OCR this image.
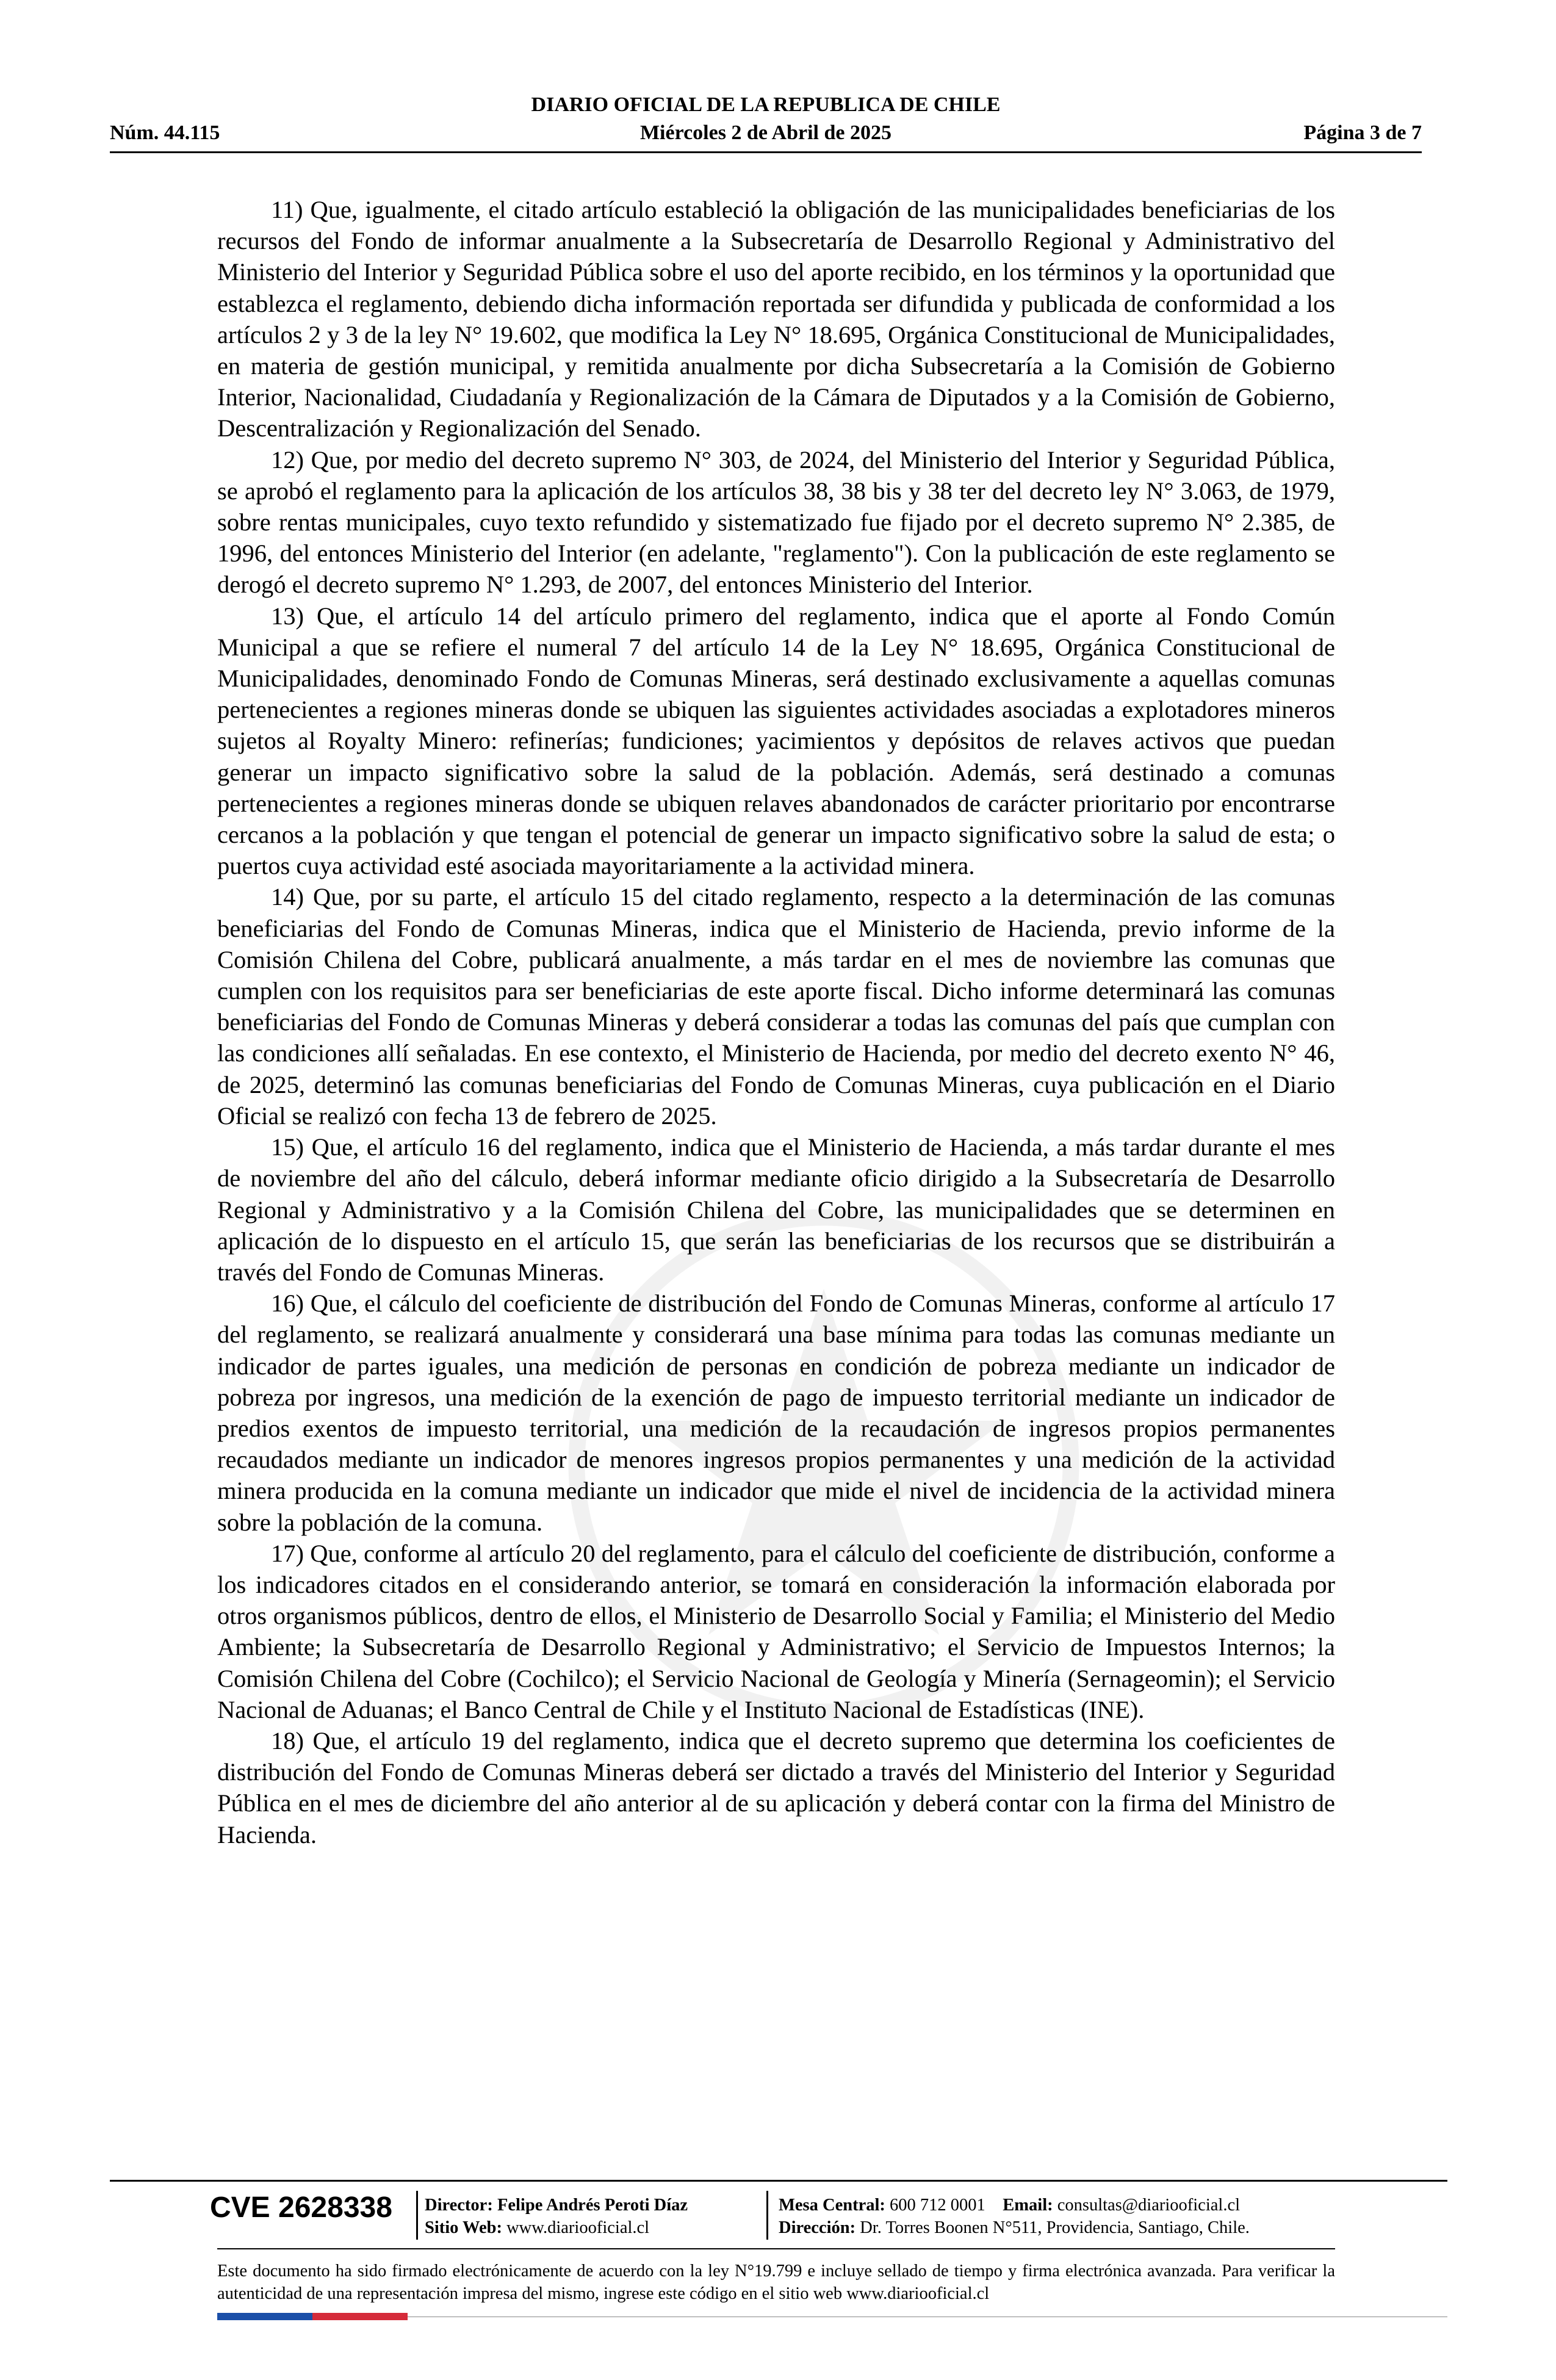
DIARIO OFICIAL DE LA REPUBLICA DE CHILE
Núm. 44.115	Miércoles 2 de Abril de 2025	Página 3 de 7

11) Que, igualmente, el citado artículo estableció la obligación de las municipalidades beneficiarias de los recursos del Fondo de informar anualmente a la Subsecretaría de Desarrollo Regional y Administrativo del Ministerio del Interior y Seguridad Pública sobre el uso del aporte recibido, en los términos y la oportunidad que establezca el reglamento, debiendo dicha información reportada ser difundida y publicada de conformidad a los artículos 2 y 3 de la ley N° 19.602, que modifica la Ley N° 18.695, Orgánica Constitucional de Municipalidades, en materia de gestión municipal, y remitida anualmente por dicha Subsecretaría a la Comisión de Gobierno Interior, Nacionalidad, Ciudadanía y Regionalización de la Cámara de Diputados y a la Comisión de Gobierno, Descentralización y Regionalización del Senado.

12) Que, por medio del decreto supremo N° 303, de 2024, del Ministerio del Interior y Seguridad Pública, se aprobó el reglamento para la aplicación de los artículos 38, 38 bis y 38 ter del decreto ley N° 3.063, de 1979, sobre rentas municipales, cuyo texto refundido y sistematizado fue fijado por el decreto supremo N° 2.385, de 1996, del entonces Ministerio del Interior (en adelante, "reglamento"). Con la publicación de este reglamento se derogó el decreto supremo N° 1.293, de 2007, del entonces Ministerio del Interior.

13) Que, el artículo 14 del artículo primero del reglamento, indica que el aporte al Fondo Común Municipal a que se refiere el numeral 7 del artículo 14 de la Ley N° 18.695, Orgánica Constitucional de Municipalidades, denominado Fondo de Comunas Mineras, será destinado exclusivamente a aquellas comunas pertenecientes a regiones mineras donde se ubiquen las siguientes actividades asociadas a explotadores mineros sujetos al Royalty Minero: refinerías; fundiciones; yacimientos y depósitos de relaves activos que puedan generar un impacto significativo sobre la salud de la población. Además, será destinado a comunas pertenecientes a regiones mineras donde se ubiquen relaves abandonados de carácter prioritario por encontrarse cercanos a la población y que tengan el potencial de generar un impacto significativo sobre la salud de esta; o puertos cuya actividad esté asociada mayoritariamente a la actividad minera.

14) Que, por su parte, el artículo 15 del citado reglamento, respecto a la determinación de las comunas beneficiarias del Fondo de Comunas Mineras, indica que el Ministerio de Hacienda, previo informe de la Comisión Chilena del Cobre, publicará anualmente, a más tardar en el mes de noviembre las comunas que cumplen con los requisitos para ser beneficiarias de este aporte fiscal. Dicho informe determinará las comunas beneficiarias del Fondo de Comunas Mineras y deberá considerar a todas las comunas del país que cumplan con las condiciones allí señaladas. En ese contexto, el Ministerio de Hacienda, por medio del decreto exento N° 46, de 2025, determinó las comunas beneficiarias del Fondo de Comunas Mineras, cuya publicación en el Diario Oficial se realizó con fecha 13 de febrero de 2025.

15) Que, el artículo 16 del reglamento, indica que el Ministerio de Hacienda, a más tardar durante el mes de noviembre del año del cálculo, deberá informar mediante oficio dirigido a la Subsecretaría de Desarrollo Regional y Administrativo y a la Comisión Chilena del Cobre, las municipalidades que se determinen en aplicación de lo dispuesto en el artículo 15, que serán las beneficiarias de los recursos que se distribuirán a través del Fondo de Comunas Mineras.

16) Que, el cálculo del coeficiente de distribución del Fondo de Comunas Mineras, conforme al artículo 17 del reglamento, se realizará anualmente y considerará una base mínima para todas las comunas mediante un indicador de partes iguales, una medición de personas en condición de pobreza mediante un indicador de pobreza por ingresos, una medición de la exención de pago de impuesto territorial mediante un indicador de predios exentos de impuesto territorial, una medición de la recaudación de ingresos propios permanentes recaudados mediante un indicador de menores ingresos propios permanentes y una medición de la actividad minera producida en la comuna mediante un indicador que mide el nivel de incidencia de la actividad minera sobre la población de la comuna.

17) Que, conforme al artículo 20 del reglamento, para el cálculo del coeficiente de distribución, conforme a los indicadores citados en el considerando anterior, se tomará en consideración la información elaborada por otros organismos públicos, dentro de ellos, el Ministerio de Desarrollo Social y Familia; el Ministerio del Medio Ambiente; la Subsecretaría de Desarrollo Regional y Administrativo; el Servicio de Impuestos Internos; la Comisión Chilena del Cobre (Cochilco); el Servicio Nacional de Geología y Minería (Sernageomin); el Servicio Nacional de Aduanas; el Banco Central de Chile y el Instituto Nacional de Estadísticas (INE).

18) Que, el artículo 19 del reglamento, indica que el decreto supremo que determina los coeficientes de distribución del Fondo de Comunas Mineras deberá ser dictado a través del Ministerio del Interior y Seguridad Pública en el mes de diciembre del año anterior al de su aplicación y deberá contar con la firma del Ministro de Hacienda.

CVE 2628338 Director: Felipe Andrés Peroti Díaz
Sitio Web: www.diariooficial.cl
Mesa Central: 600 712 0001 Email: consultas@diariooficial.cl
Dirección: Dr. Torres Boonen N°511, Providencia, Santiago, Chile.
Este documento ha sido firmado electrónicamente de acuerdo con la ley N°19.799 e incluye sellado de tiempo y firma electrónica avanzada. Para verificar la autenticidad de una representación impresa del mismo, ingrese este código en el sitio web www.diariooficial.cl
